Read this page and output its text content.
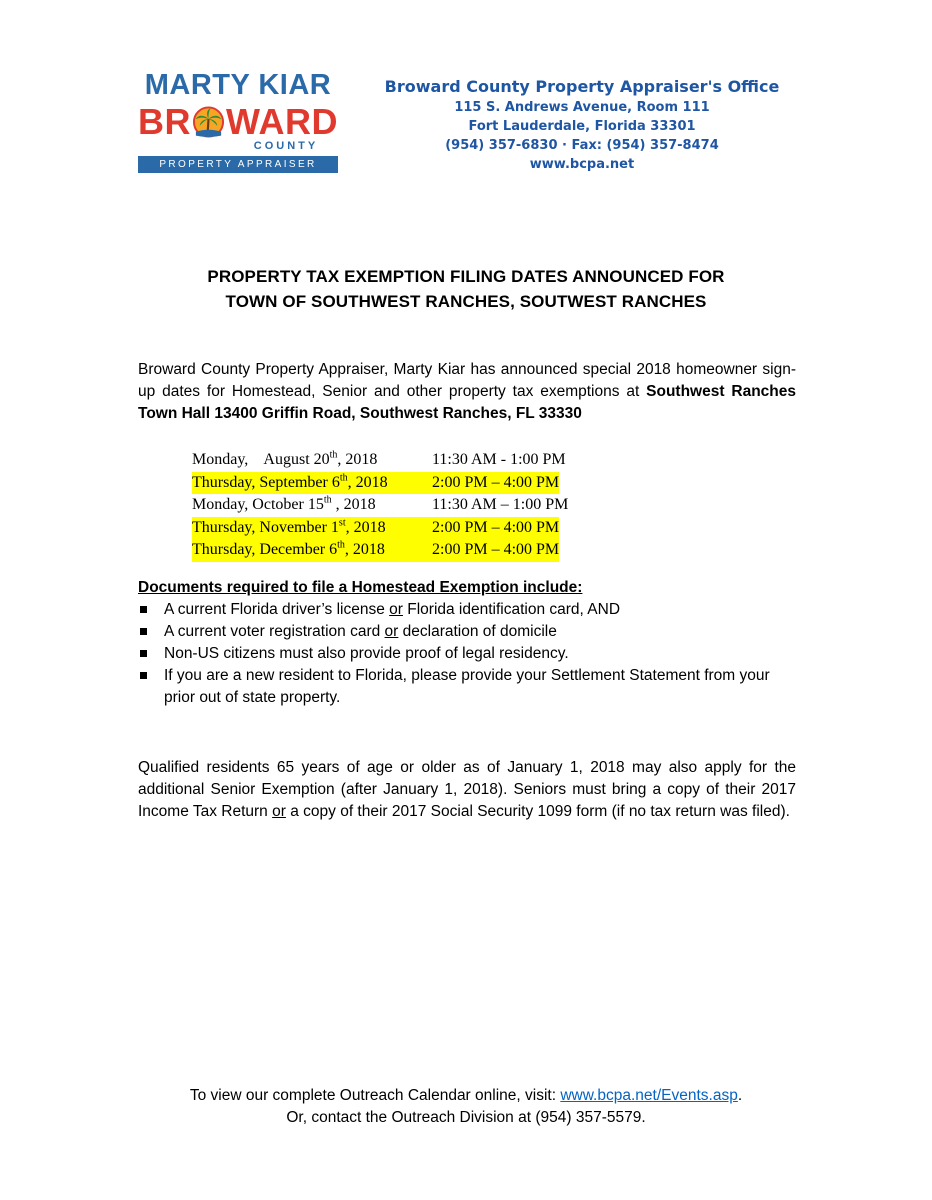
MARTY KIAR
BR WARD
COUNTY
PROPERTY APPRAISER
Broward County Property Appraiser's Office
115 S. Andrews Avenue, Room 111
Fort Lauderdale, Florida 33301
(954) 357-6830 · Fax: (954) 357-8474
www.bcpa.net
PROPERTY TAX EXEMPTION FILING DATES ANNOUNCED FOR
TOWN OF SOUTHWEST RANCHES, SOUTWEST RANCHES
Broward County Property Appraiser, Marty Kiar has announced special 2018 homeowner sign-up dates for Homestead, Senior and other property tax exemptions at Southwest Ranches Town Hall 13400 Griffin Road, Southwest Ranches, FL 33330
Monday,    August 20th, 2018	11:30 AM - 1:00 PM
Thursday, September 6th, 2018	2:00 PM – 4:00 PM
Monday, October 15th , 2018	11:30 AM – 1:00 PM
Thursday, November 1st, 2018	2:00 PM – 4:00 PM
Thursday, December 6th, 2018	2:00 PM – 4:00 PM
Documents required to file a Homestead Exemption include:
A current Florida driver’s license or Florida identification card, AND
A current voter registration card or declaration of domicile
Non-US citizens must also provide proof of legal residency.
If you are a new resident to Florida, please provide your Settlement Statement from your prior out of state property.
Qualified residents 65 years of age or older as of January 1, 2018 may also apply for the additional Senior Exemption (after January 1, 2018). Seniors must bring a copy of their 2017 Income Tax Return or a copy of their 2017 Social Security 1099 form (if no tax return was filed).
To view our complete Outreach Calendar online, visit: www.bcpa.net/Events.asp.
Or, contact the Outreach Division at (954) 357-5579.
